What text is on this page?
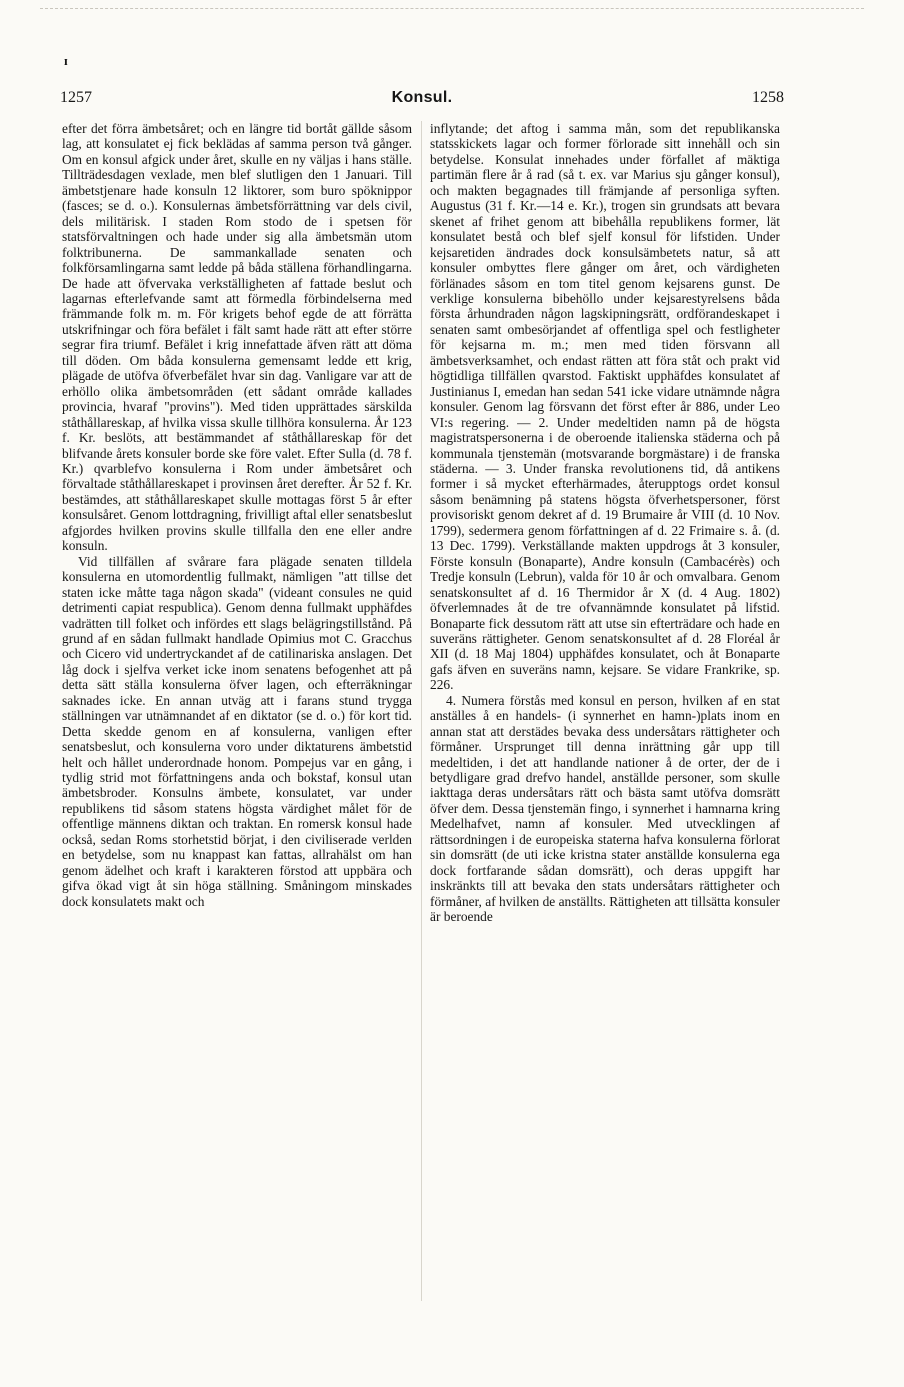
ɪ
1257	Konsul.	1258

efter det förra ämbetsåret; och en längre tid bortåt gällde såsom lag, att konsulatet ej fick beklädas af samma person två gånger. Om en konsul afgick under året, skulle en ny väljas i hans ställe. Tillträdesdagen vexlade, men blef slutligen den 1 Januari. Till ämbetstjenare hade konsuln 12 liktorer, som buro spöknippor (fasces; se d. o.). Konsulernas ämbetsförrättning var dels civil, dels militärisk. I staden Rom stodo de i spetsen för statsförvaltningen och hade under sig alla ämbetsmän utom folktribunerna. De sammankallade senaten och folkförsamlingarna samt ledde på båda ställena förhandlingarna. De hade att öfvervaka verkställigheten af fattade beslut och lagarnas efterlefvande samt att förmedla förbindelserna med främmande folk m. m. För krigets behof egde de att förrätta utskrifningar och föra befälet i fält samt hade rätt att efter större segrar fira triumf. Befälet i krig innefattade äfven rätt att döma till döden. Om båda konsulerna gemensamt ledde ett krig, plägade de utöfva öfverbefälet hvar sin dag. Vanligare var att de erhöllo olika ämbetsområden (ett sådant område kallades provincia, hvaraf "provins"). Med tiden upprättades särskilda ståthållareskap, af hvilka vissa skulle tillhöra konsulerna. År 123 f. Kr. beslöts, att bestämmandet af ståthållareskap för det blifvande årets konsuler borde ske före valet. Efter Sulla (d. 78 f. Kr.) qvarblefvo konsulerna i Rom under ämbetsåret och förvaltade ståthållareskapet i provinsen året derefter. År 52 f. Kr. bestämdes, att ståthållareskapet skulle mottagas först 5 år efter konsulsåret. Genom lottdragning, frivilligt aftal eller senatsbeslut afgjordes hvilken provins skulle tillfalla den ene eller andre konsuln.

Vid tillfällen af svårare fara plägade senaten tilldela konsulerna en utomordentlig fullmakt, nämligen "att tillse det staten icke måtte taga någon skada" (videant consules ne quid detrimenti capiat respublica). Genom denna fullmakt upphäfdes vadrätten till folket och infördes ett slags belägringstillstånd. På grund af en sådan fullmakt handlade Opimius mot C. Gracchus och Cicero vid undertryckandet af de catilinariska anslagen. Det låg dock i sjelfva verket icke inom senatens befogenhet att på detta sätt ställa konsulerna öfver lagen, och efterräkningar saknades icke. En annan utväg att i farans stund trygga ställningen var utnämnandet af en diktator (se d. o.) för kort tid. Detta skedde genom en af konsulerna, vanligen efter senatsbeslut, och konsulerna voro under diktaturens ämbetstid helt och hållet underordnade honom. Pompejus var en gång, i tydlig strid mot författningens anda och bokstaf, konsul utan ämbetsbroder. Konsulns ämbete, konsulatet, var under republikens tid såsom statens högsta värdighet målet för de offentlige männens diktan och traktan. En romersk konsul hade också, sedan Roms storhetstid börjat, i den civiliserade verlden en betydelse, som nu knappast kan fattas, allrahälst om han genom ädelhet och kraft i karakteren förstod att uppbära och gifva ökad vigt åt sin höga ställning. Småningom minskades dock konsulatets makt och

inflytande; det aftog i samma mån, som det republikanska statsskickets lagar och former förlorade sitt innehåll och sin betydelse. Konsulat innehades under förfallet af mäktiga partimän flere år å rad (så t. ex. var Marius sju gånger konsul), och makten begagnades till främjande af personliga syften. Augustus (31 f. Kr.—14 e. Kr.), trogen sin grundsats att bevara skenet af frihet genom att bibehålla republikens former, lät konsulatet bestå och blef sjelf konsul för lifstiden. Under kejsaretiden ändrades dock konsulsämbetets natur, så att konsuler ombyttes flere gånger om året, och värdigheten förlänades såsom en tom titel genom kejsarens gunst. De verklige konsulerna bibehöllo under kejsarestyrelsens båda första århundraden någon lagskipningsrätt, ordförandeskapet i senaten samt ombesörjandet af offentliga spel och festligheter för kejsarna m. m.; men med tiden försvann all ämbetsverksamhet, och endast rätten att föra ståt och prakt vid högtidliga tillfällen qvarstod. Faktiskt upphäfdes konsulatet af Justinianus I, emedan han sedan 541 icke vidare utnämnde några konsuler. Genom lag försvann det först efter år 886, under Leo VI:s regering. — 2. Under medeltiden namn på de högsta magistratspersonerna i de oberoende italienska städerna och på kommunala tjenstemän (motsvarande borgmästare) i de franska städerna. — 3. Under franska revolutionens tid, då antikens former i så mycket efterhärmades, återupptogs ordet konsul såsom benämning på statens högsta öfverhetspersoner, först provisoriskt genom dekret af d. 19 Brumaire år VIII (d. 10 Nov. 1799), sedermera genom författningen af d. 22 Frimaire s. å. (d. 13 Dec. 1799). Verkställande makten uppdrogs åt 3 konsuler, Förste konsuln (Bonaparte), Andre konsuln (Cambacérès) och Tredje konsuln (Lebrun), valda för 10 år och omvalbara. Genom senatskonsultet af d. 16 Thermidor år X (d. 4 Aug. 1802) öfverlemnades åt de tre ofvannämnde konsulatet på lifstid. Bonaparte fick dessutom rätt att utse sin efterträdare och hade en suveräns rättigheter. Genom senatskonsultet af d. 28 Floréal år XII (d. 18 Maj 1804) upphäfdes konsulatet, och åt Bonaparte gafs äfven en suveräns namn, kejsare. Se vidare Frankrike, sp. 226.

4. Numera förstås med konsul en person, hvilken af en stat anställes å en handels- (i synnerhet en hamn-)plats inom en annan stat att derstädes bevaka dess undersåtars rättigheter och förmåner. Ursprunget till denna inrättning går upp till medeltiden, i det att handlande nationer å de orter, der de i betydligare grad drefvo handel, anställde personer, som skulle iakttaga deras undersåtars rätt och bästa samt utöfva domsrätt öfver dem. Dessa tjenstemän fingo, i synnerhet i hamnarna kring Medelhafvet, namn af konsuler. Med utvecklingen af rättsordningen i de europeiska staterna hafva konsulerna förlorat sin domsrätt (de uti icke kristna stater anställde konsulerna ega dock fortfarande sådan domsrätt), och deras uppgift har inskränkts till att bevaka den stats undersåtars rättigheter och förmåner, af hvilken de anställts. Rättigheten att tillsätta konsuler är beroende
